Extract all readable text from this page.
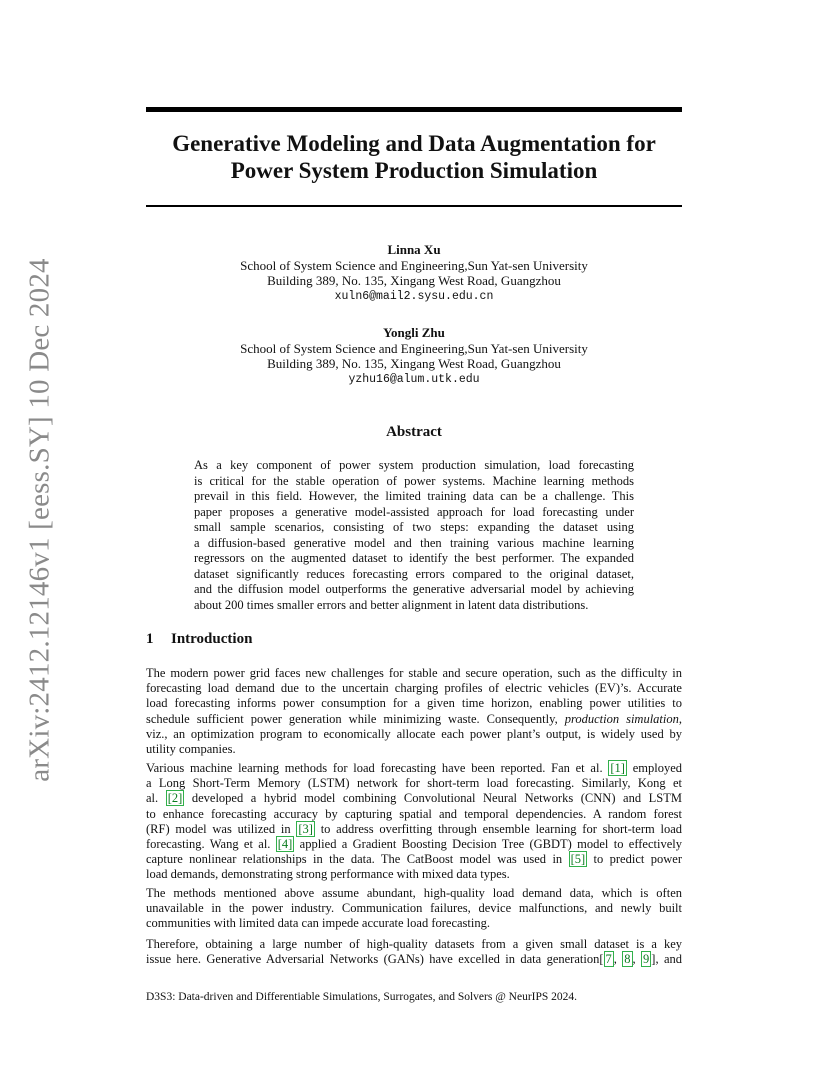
arXiv:2412.12146v1 [eess.SY] 10 Dec 2024
Generative Modeling and Data Augmentation for
Power System Production Simulation
Linna Xu
School of System Science and Engineering,Sun Yat-sen University
Building 389, No. 135, Xingang West Road, Guangzhou
xuln6@mail2.sysu.edu.cn
Yongli Zhu
School of System Science and Engineering,Sun Yat-sen University
Building 389, No. 135, Xingang West Road, Guangzhou
yzhu16@alum.utk.edu
Abstract
As a key component of power system production simulation, load forecasting
is critical for the stable operation of power systems. Machine learning methods
prevail in this field. However, the limited training data can be a challenge. This
paper proposes a generative model-assisted approach for load forecasting under
small sample scenarios, consisting of two steps: expanding the dataset using
a diffusion-based generative model and then training various machine learning
regressors on the augmented dataset to identify the best performer. The expanded
dataset significantly reduces forecasting errors compared to the original dataset,
and the diffusion model outperforms the generative adversarial model by achieving
about 200 times smaller errors and better alignment in latent data distributions.
1 Introduction
The modern power grid faces new challenges for stable and secure operation, such as the difficulty in
forecasting load demand due to the uncertain charging profiles of electric vehicles (EV)’s. Accurate
load forecasting informs power consumption for a given time horizon, enabling power utilities to
schedule sufficient power generation while minimizing waste. Consequently, production simulation,
viz., an optimization program to economically allocate each power plant’s output, is widely used by
utility companies.
Various machine learning methods for load forecasting have been reported. Fan et al. [1] employed
a Long Short-Term Memory (LSTM) network for short-term load forecasting. Similarly, Kong et
al. [2] developed a hybrid model combining Convolutional Neural Networks (CNN) and LSTM
to enhance forecasting accuracy by capturing spatial and temporal dependencies. A random forest
(RF) model was utilized in [3] to address overfitting through ensemble learning for short-term load
forecasting. Wang et al. [4] applied a Gradient Boosting Decision Tree (GBDT) model to effectively
capture nonlinear relationships in the data. The CatBoost model was used in [5] to predict power
load demands, demonstrating strong performance with mixed data types.
The methods mentioned above assume abundant, high-quality load demand data, which is often
unavailable in the power industry. Communication failures, device malfunctions, and newly built
communities with limited data can impede accurate load forecasting.
Therefore, obtaining a large number of high-quality datasets from a given small dataset is a key
issue here. Generative Adversarial Networks (GANs) have excelled in data generation[ 7 , 8 , 9 ], and
D3S3: Data-driven and Differentiable Simulations, Surrogates, and Solvers @ NeurIPS 2024.
